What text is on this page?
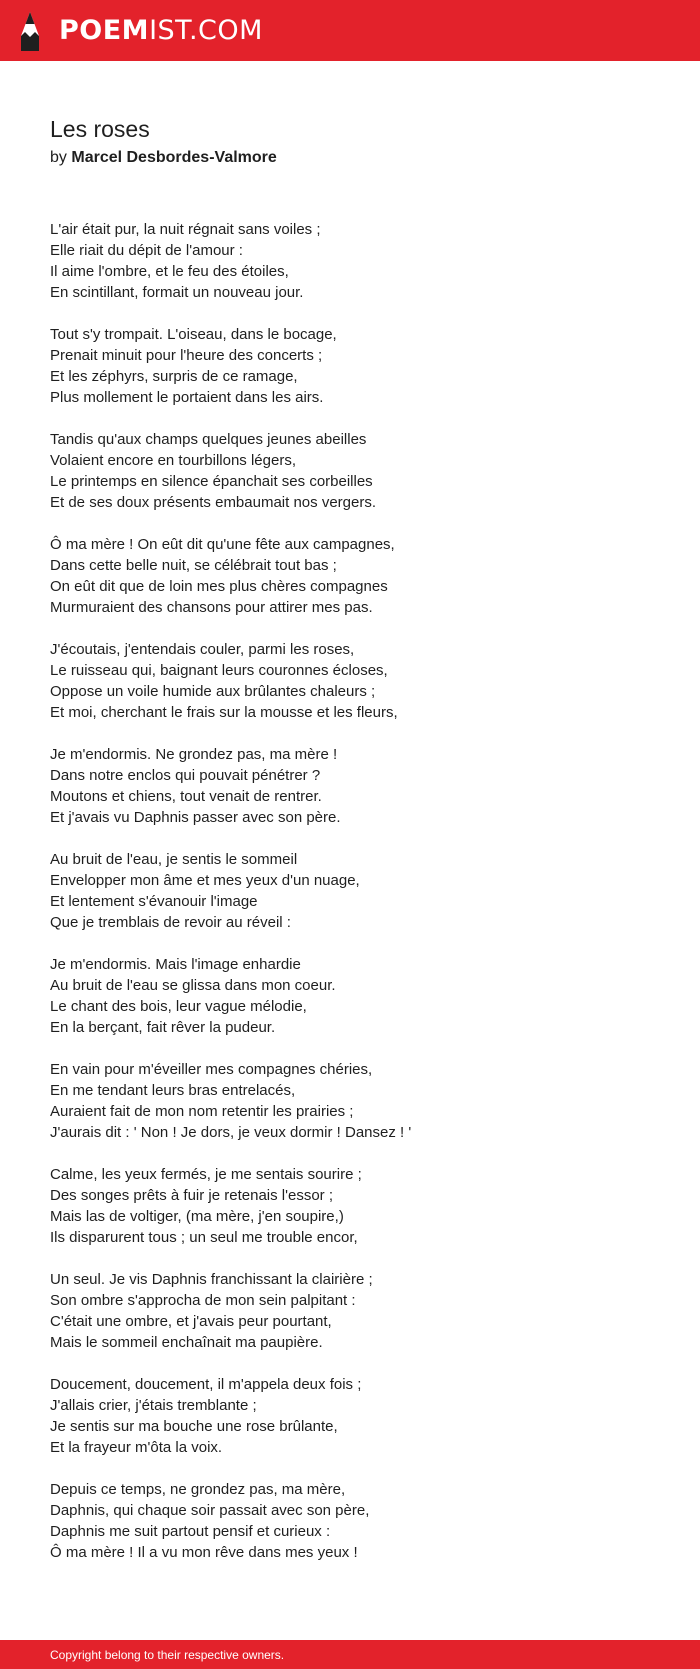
POEMIST.COM
Les roses
by Marcel Desbordes-Valmore
L'air était pur, la nuit régnait sans voiles ;
Elle riait du dépit de l'amour :
Il aime l'ombre, et le feu des étoiles,
En scintillant, formait un nouveau jour.
Tout s'y trompait. L'oiseau, dans le bocage,
Prenait minuit pour l'heure des concerts ;
Et les zéphyrs, surpris de ce ramage,
Plus mollement le portaient dans les airs.
Tandis qu'aux champs quelques jeunes abeilles
Volaient encore en tourbillons légers,
Le printemps en silence épanchait ses corbeilles
Et de ses doux présents embaumait nos vergers.
Ô ma mère ! On eût dit qu'une fête aux campagnes,
Dans cette belle nuit, se célébrait tout bas ;
On eût dit que de loin mes plus chères compagnes
Murmuraient des chansons pour attirer mes pas.
J'écoutais, j'entendais couler, parmi les roses,
Le ruisseau qui, baignant leurs couronnes écloses,
Oppose un voile humide aux brûlantes chaleurs ;
Et moi, cherchant le frais sur la mousse et les fleurs,
Je m'endormis. Ne grondez pas, ma mère !
Dans notre enclos qui pouvait pénétrer ?
Moutons et chiens, tout venait de rentrer.
Et j'avais vu Daphnis passer avec son père.
Au bruit de l'eau, je sentis le sommeil
Envelopper mon âme et mes yeux d'un nuage,
Et lentement s'évanouir l'image
Que je tremblais de revoir au réveil :
Je m'endormis. Mais l'image enhardie
Au bruit de l'eau se glissa dans mon coeur.
Le chant des bois, leur vague mélodie,
En la berçant, fait rêver la pudeur.
En vain pour m'éveiller mes compagnes chéries,
En me tendant leurs bras entrelacés,
Auraient fait de mon nom retentir les prairies ;
J'aurais dit : ' Non ! Je dors, je veux dormir ! Dansez ! '
Calme, les yeux fermés, je me sentais sourire ;
Des songes prêts à fuir je retenais l'essor ;
Mais las de voltiger, (ma mère, j'en soupire,)
Ils disparurent tous ; un seul me trouble encor,
Un seul. Je vis Daphnis franchissant la clairière ;
Son ombre s'approcha de mon sein palpitant :
C'était une ombre, et j'avais peur pourtant,
Mais le sommeil enchaînait ma paupière.
Doucement, doucement, il m'appela deux fois ;
J'allais crier, j'étais tremblante ;
Je sentis sur ma bouche une rose brûlante,
Et la frayeur m'ôta la voix.
Depuis ce temps, ne grondez pas, ma mère,
Daphnis, qui chaque soir passait avec son père,
Daphnis me suit partout pensif et curieux :
Ô ma mère ! Il a vu mon rêve dans mes yeux !
Copyright belong to their respective owners.
